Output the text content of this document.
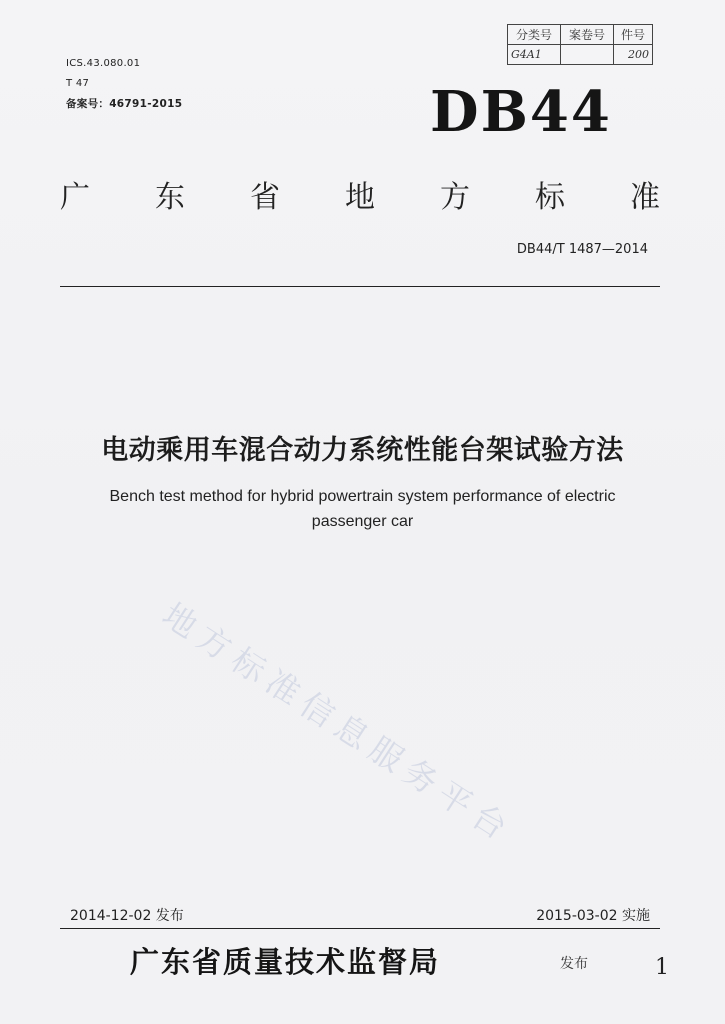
ICS.43.080.01
T 47
备案号：46791-2015
分类号	案卷号	件号
G4A1		200
DB44
广 东 省 地 方 标 准
DB44/T 1487—2014
电动乘用车混合动力系统性能台架试验方法
Bench test method for hybrid powertrain system performance of electric
passenger car
地方标准信息服务平台
2014-12-02 发布	2015-03-02 实施
广东省质量技术监督局	发布	1
